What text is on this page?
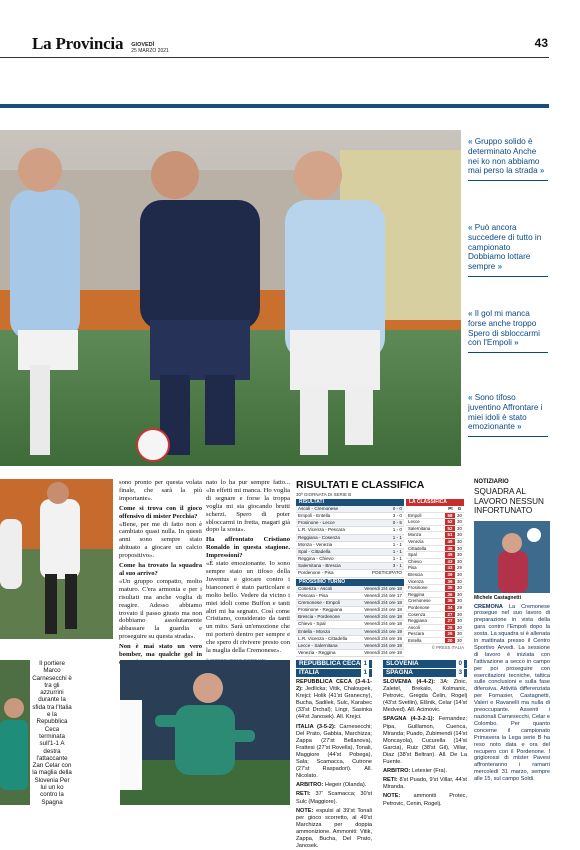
La Provincia GIOVEDÌ
25 MARZO 2021
43
« Gruppo solido è determinato Anche nei ko non abbiamo mai perso la strada »
« Può ancora succedere di tutto in campionato Dobbiamo lottare sempre »
« Il gol mi manca forse anche troppo Spero di sbloccarmi con l'Empoli »
« Sono tifoso juventino Affrontare i miei idoli è stato emozionante »

sono pronto per questa volata finale, che sarà la più importante».

Come si trova con il gioco offensivo di mister Pecchia?

«Bene, per me di fatto non è cambiato quasi nulla. In questi anni sono sempre stato abituato a giocare un calcio propositivo».

Come ha trovato la squadra al suo arrivo?

«Un gruppo compatto, molto maturo. C'era armonia e per i risultati ma anche voglia di reagire. Adesso abbiamo trovato il passo giusto ma non dobbiamo assolutamente abbassare la guardia e proseguire su questa strada».

Non è mai stato un vero bomber, ma qualche gol in

nato lo ha pur sempre fatto... «In effetti mi manca. Ho voglia di segnare e forse la troppa voglia mi sta giocando brutti scherzi. Spero di poter sbloccarmi in fretta, magari già dopo la sosta».

Ha affrontato Cristiano Ronaldo in questa stagione. Impressioni?

«È stato emozionante. Io sono sempre stato un tifoso della Juventus e giocare contro i bianconeri è stato particolare e molto bello. Vedere da vicino i miei idoli come Buffon e tanti altri mi ha segnato. Così come Cristiano, considerato da tanti un mito. Sarà un'emozione che mi porterò dentro per sempre e che spero di rivivere presto con la maglia della Cremonese».

RISULTATI E CLASSIFICA
30ª GIORNATA DI SERIE B
RISULTATI
Ascoli - Cremonese	0 - 0
Empoli - Entella	3 - 0
Frosinone - Lecce	0 - 5
L.R. Vicenza - Pescara	1 - 0
Reggiana - Cosenza	1 - 1
Monza - Venezia	1 - 1
Spal - Cittadella	1 - 1
Reggina - Chievo	1 - 1
Salernitana - Brescia	3 - 1
Pordenone - Pisa	POSTICIPATO
PROSSIMO TURNO
Cosenza - Ascoli	Venerdì 2/4 ore 18
Pescara - Pisa	Venerdì 2/4 ore 17
Cremonese - Empoli	Venerdì 2/4 ore 18
Frosinone - Reggiana	Venerdì 2/4 ore 18
Brescia - Pordenone	Venerdì 2/4 ore 18
Chievo - Spal	Venerdì 2/4 ore 18
Entella - Monza	Venerdì 2/4 ore 19
L.R. Vicenza - Cittadella	Venerdì 2/4 ore 19
Lecce - Salernitana	Venerdì 2/4 ore 19
Venezia - Reggina	Venerdì 2/4 ore 19
LA CLASSIFICA
Pt	G
Empoli	58	30
Lecce	52	30
Salernitana	52	30
Monza	51	30
Venezia	49	30
Cittadella	46	30
Spal	45	30
Chievo	43	30
Pisa	43	29
Brescia	39	30
Vicenza	39	30
Frosinone	36	30
Reggina	36	30
Cremonese	35	30
Pordenone	34	29
Cosenza	27	30
Reggiana	27	30
Ascoli	26	30
Pescara	25	30
Entella	20	30
© PRESS ITALIA
NOTIZIARIO
SQUADRA AL LAVORO NESSUN INFORTUNATO
Michele Castagnetti
CREMONA La Cremonese prosegue nel suo lavoro di preparazione in vista della gara contro l'Empoli dopo la sosta. La squadra si è allenata in mattinata presso il Centro Sportivo Arvedi. La sessione di lavoro è iniziata con l'attivazione a secco in campo per poi proseguire con esercitazioni tecniche, tattica sulle conclusioni e sulla fase difensiva. Attività differenziata per Fornasier, Castagnetti, Valeri e Ravanelli ma nulla di preoccupante. Assenti i nazionali Carnesecchi, Celar e Colombo. Per quanto concerne il campionato Primavera la Lega serie B ha reso noto data e ora del recupero con il Pordenone. I grigiorossi di mister Pavesi affronteranno i ramarri mercoledì 31 marzo, sempre alle 15, sul campo Soldi.
Il portiere Marco Carnesecchi è tra gli azzurrini durante la sfida tra l'Italia e la Repubblica Ceca terminata sull'1-1 A destra l'attaccante Zan Celar con la maglia della Slovenia Per lui un ko contro la Spagna
REPUBBLICA CECA 1
ITALIA	1
REPUBBLICA CECA (3-4-1-2): Jedlicka; Vitik, Chaloupek, Krejci; Holik (41'st Granecny), Bucha, Sadilek, Sulc, Karabec (33'st Drchal); Lingr, Sasinka (44'st Janosek). All. Krejci.
ITALIA (3-5-2): Carnesecchi; Del Prato, Gabbia, Marchizza; Zappa (27'st Bellanova), Frattesi (27'st Rovella), Tonali, Maggiore (44'st Pobega), Sala; Scamacca, Cutrone (27'st Raspadori). All. Nicolato.
ARBITRO: Hegeir (Olanda).
RETI: 37' Scamacca; 30'st Sulc (Maggiore).
NOTE: espulsi al 39'st Tonali per gioco scorretto, al 49'st Marchizza per doppia ammonizione. Ammoniti: Vitik, Zappa, Bucha, Del Prato, Janosek.
SLOVENIA	0
SPAGNA	3
SLOVENIA (4-4-2): 3A: Zinic, Zaletel, Brekalo, Kolmanic, Petrovic, Gregda Čelin, Rogelj (43'st Svetlin), Elšnik, Celar (14'st Medved). All. Acimovic.
SPAGNA (4-3-2-1): Fernandez; Pipa, Guillamon, Cuenca, Miranda; Puado, Zubimendi (14'st Moncayola), Cucurella (14'st Garcia), Ruiz (38'st Gil), Villar, Diaz (38'st Beltran). All. De La Fuente.
ARBITRO: Letexier (Fra).
RETI: 8'st Puado, 9'st Villar, 44'st Miranda.
NOTE: ammoniti Protec, Petrovic, Cenin, Rogelj.
